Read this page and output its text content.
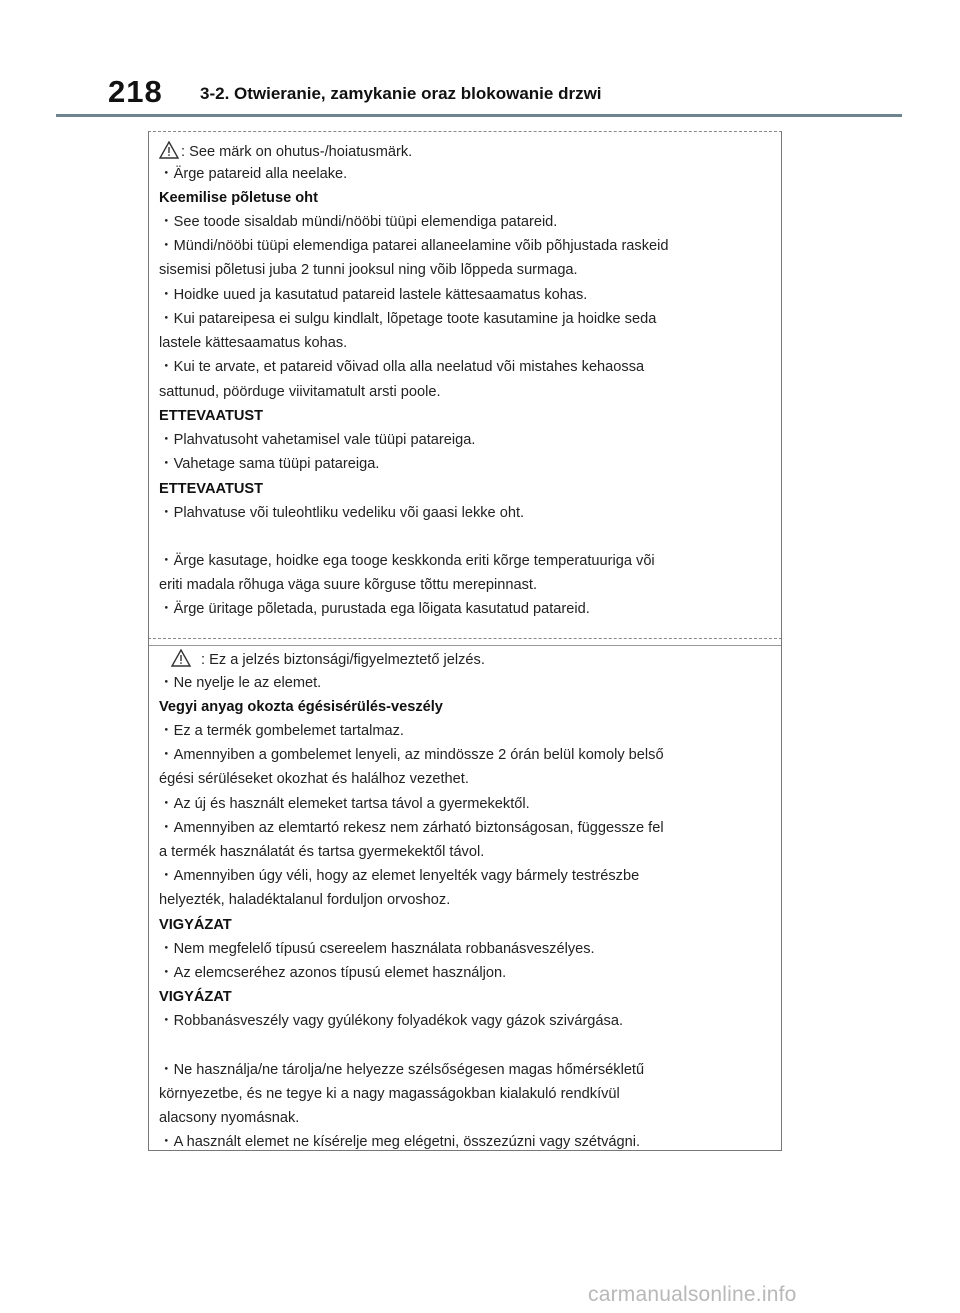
218 3-2. Otwieranie, zamykanie oraz blokowanie drzwi
: See märk on ohutus-/hoiatusmärk.
・Ärge patareid alla neelake.
Keemilise põletuse oht
・See toode sisaldab mündi/nööbi tüüpi elemendiga patareid.
・Mündi/nööbi tüüpi elemendiga patarei allaneelamine võib põhjustada raskeid
sisemisi põletusi juba 2 tunni jooksul ning võib lõppeda surmaga.
・Hoidke uued ja kasutatud patareid lastele kättesaamatus kohas.
・Kui patareipesa ei sulgu kindlalt, lõpetage toote kasutamine ja hoidke seda
lastele kättesaamatus kohas.
・Kui te arvate, et patareid võivad olla alla neelatud või mistahes kehaossa
sattunud, pöörduge viivitamatult arsti poole.
ETTEVAATUST
・Plahvatusoht vahetamisel vale tüüpi patareiga.
・Vahetage sama tüüpi patareiga.
ETTEVAATUST
・Plahvatuse või tuleohtliku vedeliku või gaasi lekke oht.
・Ärge kasutage, hoidke ega tooge keskkonda eriti kõrge temperatuuriga või
eriti madala rõhuga väga suure kõrguse tõttu merepinnast.
・Ärge üritage põletada, purustada ega lõigata kasutatud patareid.
: Ez a jelzés biztonsági/figyelmeztető jelzés.
・Ne nyelje le az elemet.
Vegyi anyag okozta égésisérülés-veszély
・Ez a termék gombelemet tartalmaz.
・Amennyiben a gombelemet lenyeli, az mindössze 2 órán belül komoly belső
égési sérüléseket okozhat és halálhoz vezethet.
・Az új és használt elemeket tartsa távol a gyermekektől.
・Amennyiben az elemtartó rekesz nem zárható biztonságosan, függessze fel
a termék használatát és tartsa gyermekektől távol.
・Amennyiben úgy véli, hogy az elemet lenyelték vagy bármely testrészbe
helyezték, haladéktalanul forduljon orvoshoz.
VIGYÁZAT
・Nem megfelelő típusú csereelem használata robbanásveszélyes.
・Az elemcseréhez azonos típusú elemet használjon.
VIGYÁZAT
・Robbanásveszély vagy gyúlékony folyadékok vagy gázok szivárgása.
・Ne használja/ne tárolja/ne helyezze szélsőségesen magas hőmérsékletű
környezetbe, és ne tegye ki a nagy magasságokban kialakuló rendkívül
alacsony nyomásnak.
・A használt elemet ne kísérelje meg elégetni, összezúzni vagy szétvágni.
carmanualsonline.info
